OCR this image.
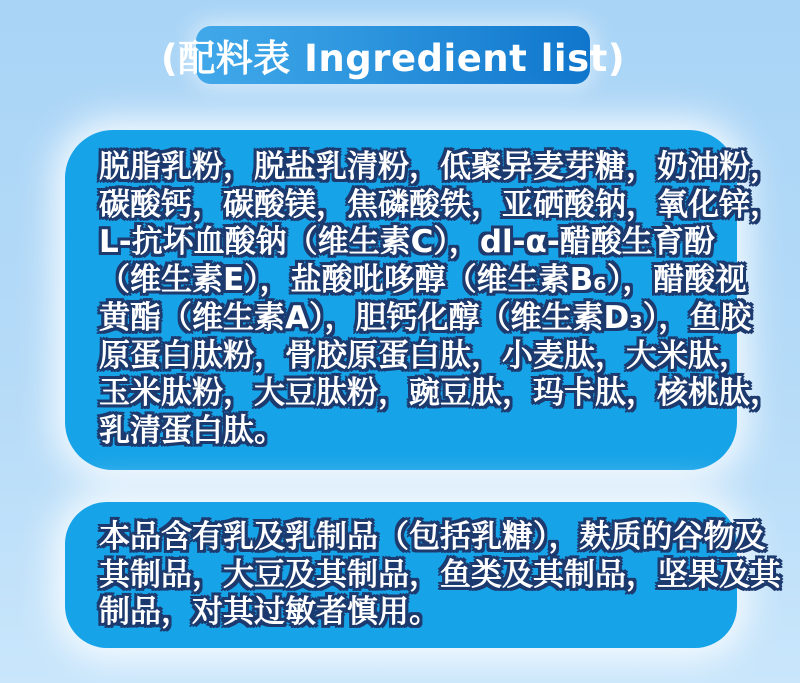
(配料表 Ingredient list)
脱脂乳粉，脱盐乳清粉，低聚异麦芽糖，奶油粉，
碳酸钙，碳酸镁，焦磷酸铁，亚硒酸钠，氧化锌，
L-抗坏血酸钠（维生素C），dl-α-醋酸生育酚
（维生素E），盐酸吡哆醇（维生素B₆），醋酸视
黄酯（维生素A），胆钙化醇（维生素D₃），鱼胶
原蛋白肽粉，骨胶原蛋白肽，小麦肽，大米肽，
玉米肽粉，大豆肽粉，豌豆肽，玛卡肽，核桃肽，
乳清蛋白肽。
本品含有乳及乳制品（包括乳糖），麸质的谷物及
其制品，大豆及其制品，鱼类及其制品，坚果及其
制品，对其过敏者慎用。
